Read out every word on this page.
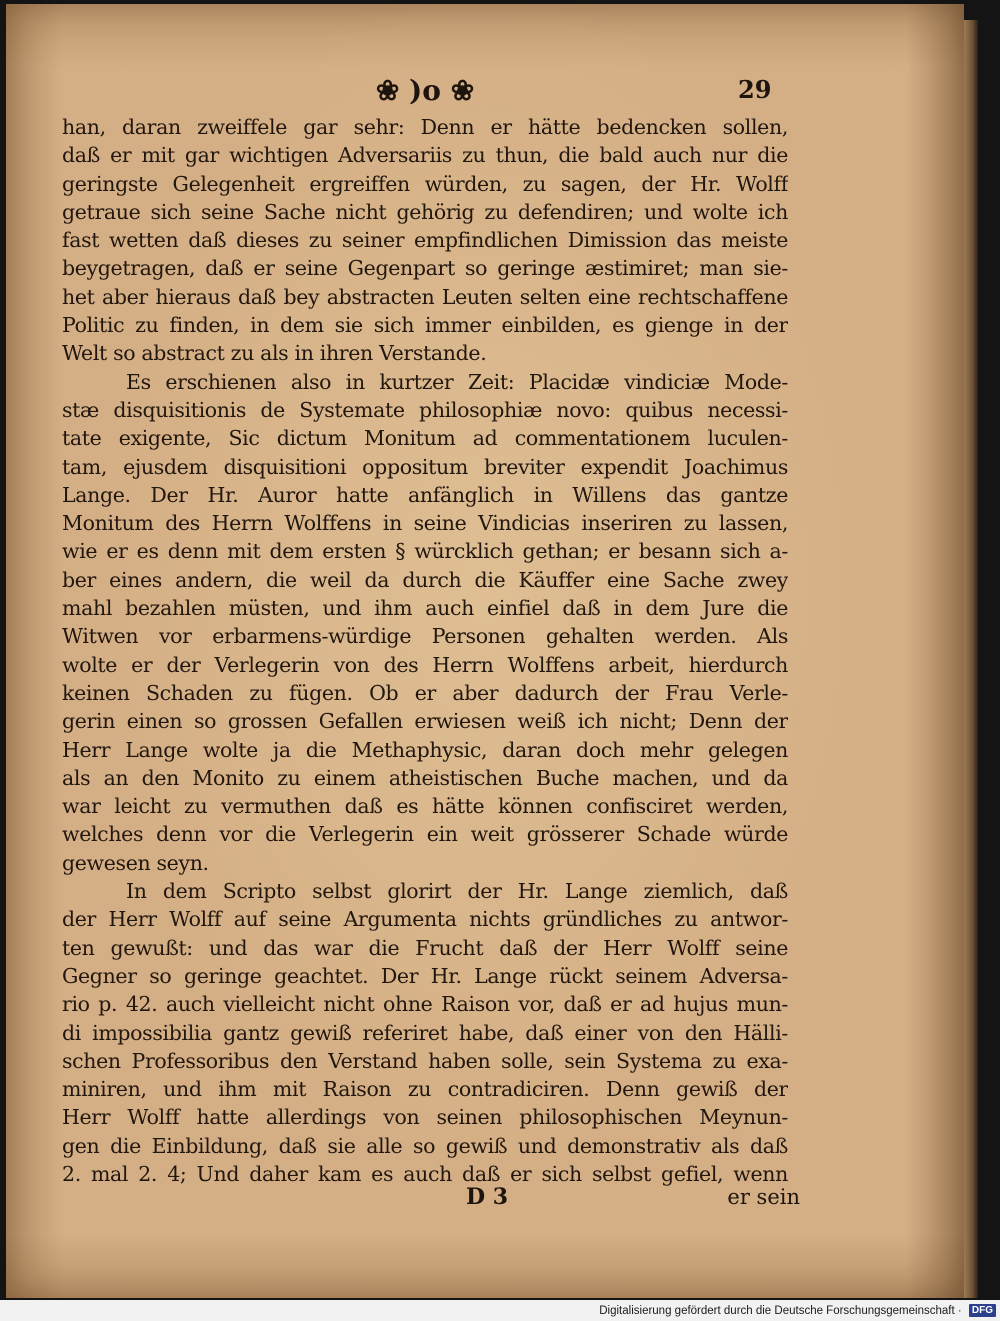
❀ )o ❀	29
han, daran zweiffele gar sehr: Denn er hätte bedencken sollen,
daß er mit gar wichtigen Adversariis zu thun, die bald auch nur die
geringste Gelegenheit ergreiffen würden, zu sagen, der Hr. Wolff
getraue sich seine Sache nicht gehörig zu defendiren; und wolte ich
fast wetten daß dieses zu seiner empfindlichen Dimission das meiste
beygetragen, daß er seine Gegenpart so geringe æstimiret; man sie-
het aber hieraus daß bey abstracten Leuten selten eine rechtschaffene
Politic zu finden, in dem sie sich immer einbilden, es gienge in der
Welt so abstract zu als in ihren Verstande.
Es erschienen also in kurtzer Zeit: Placidæ vindiciæ Mode-
stæ disquisitionis de Systemate philosophiæ novo: quibus necessi-
tate exigente, Sic dictum Monitum ad commentationem luculen-
tam, ejusdem disquisitioni oppositum breviter expendit Joachimus
Lange. Der Hr. Auror hatte anfänglich in Willens das gantze
Monitum des Herrn Wolffens in seine Vindicias inseriren zu lassen,
wie er es denn mit dem ersten § würcklich gethan; er besann sich a-
ber eines andern, die weil da durch die Käuffer eine Sache zwey
mahl bezahlen müsten, und ihm auch einfiel daß in dem Jure die
Witwen vor erbarmens-würdige Personen gehalten werden. Als
wolte er der Verlegerin von des Herrn Wolffens arbeit, hierdurch
keinen Schaden zu fügen. Ob er aber dadurch der Frau Verle-
gerin einen so grossen Gefallen erwiesen weiß ich nicht; Denn der
Herr Lange wolte ja die Methaphysic, daran doch mehr gelegen
als an den Monito zu einem atheistischen Buche machen, und da
war leicht zu vermuthen daß es hätte können confisciret werden,
welches denn vor die Verlegerin ein weit grösserer Schade würde
gewesen seyn.
In dem Scripto selbst glorirt der Hr. Lange ziemlich, daß
der Herr Wolff auf seine Argumenta nichts gründliches zu antwor-
ten gewußt: und das war die Frucht daß der Herr Wolff seine
Gegner so geringe geachtet. Der Hr. Lange rückt seinem Adversa-
rio p. 42. auch vielleicht nicht ohne Raison vor, daß er ad hujus mun-
di impossibilia gantz gewiß referiret habe, daß einer von den Hälli-
schen Professoribus den Verstand haben solle, sein Systema zu exa-
miniren, und ihm mit Raison zu contradiciren. Denn gewiß der
Herr Wolff hatte allerdings von seinen philosophischen Meynun-
gen die Einbildung, daß sie alle so gewiß und demonstrativ als daß
2. mal 2. 4; Und daher kam es auch daß er sich selbst gefiel, wenn
D 3	er sein
Digitalisierung gefördert durch die Deutsche Forschungsgemeinschaft · DFG
